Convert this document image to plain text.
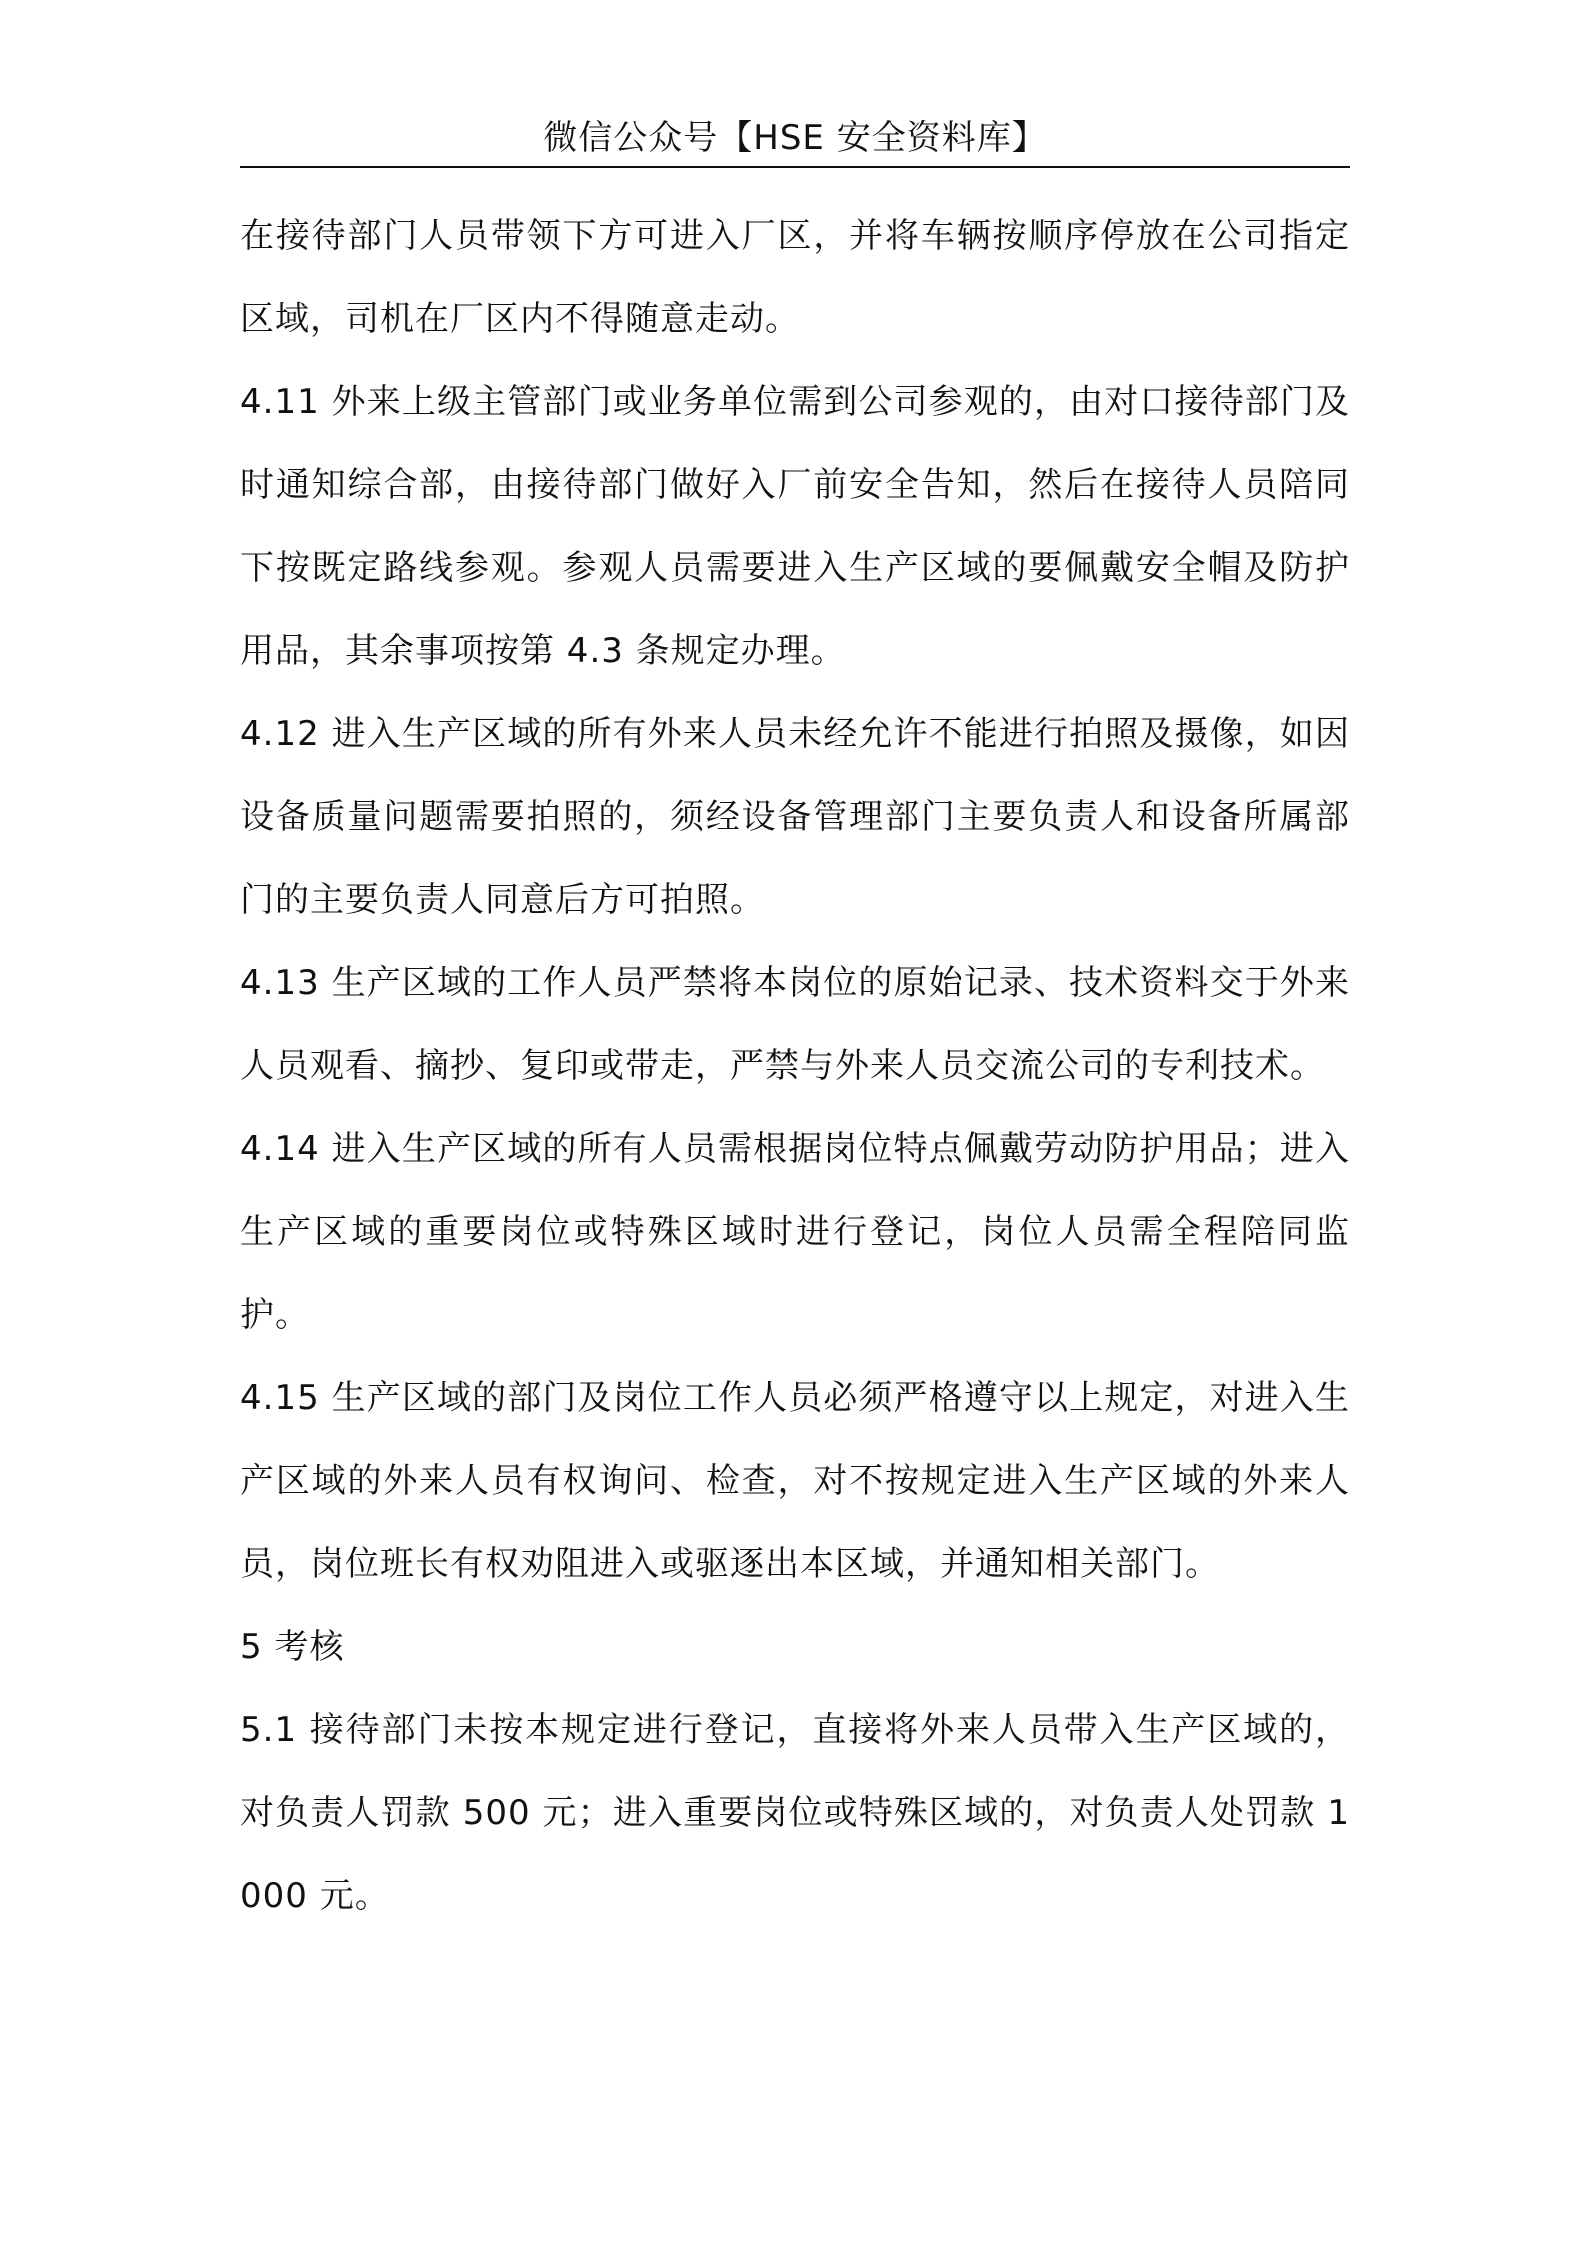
微信公众号【HSE 安全资料库】

在接待部门人员带领下方可进入厂区，并将车辆按顺序停放在公司指定区域，司机在厂区内不得随意走动。

4.11 外来上级主管部门或业务单位需到公司参观的，由对口接待部门及时通知综合部，由接待部门做好入厂前安全告知，然后在接待人员陪同下按既定路线参观。参观人员需要进入生产区域的要佩戴安全帽及防护用品，其余事项按第 4.3 条规定办理。

4.12 进入生产区域的所有外来人员未经允许不能进行拍照及摄像，如因设备质量问题需要拍照的，须经设备管理部门主要负责人和设备所属部门的主要负责人同意后方可拍照。

4.13 生产区域的工作人员严禁将本岗位的原始记录、技术资料交于外来人员观看、摘抄、复印或带走，严禁与外来人员交流公司的专利技术。

4.14 进入生产区域的所有人员需根据岗位特点佩戴劳动防护用品；进入生产区域的重要岗位或特殊区域时进行登记，岗位人员需全程陪同监护。

4.15 生产区域的部门及岗位工作人员必须严格遵守以上规定，对进入生产区域的外来人员有权询问、检查，对不按规定进入生产区域的外来人员，岗位班长有权劝阻进入或驱逐出本区域，并通知相关部门。

5 考核

5.1 接待部门未按本规定进行登记，直接将外来人员带入生产区域的，对负责人罚款 500 元；进入重要岗位或特殊区域的，对负责人处罚款 1000 元。
